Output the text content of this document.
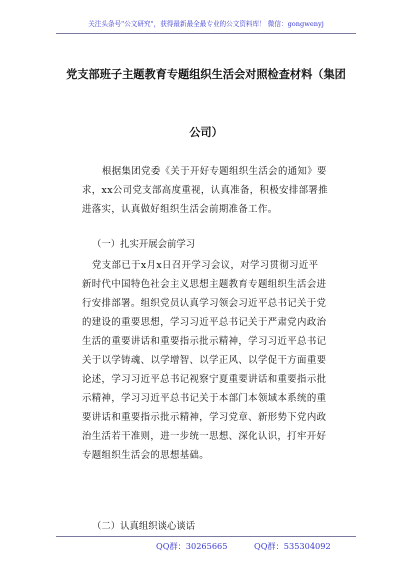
关注头条号"公文研究"，获得最新最全最专业的公文资料库！ 微信：gongwenyj
党支部班子主题教育专题组织生活会对照检查材料（集团
公司）
根据集团党委《关于开好专题组织生活会的通知》要
求，xx公司党支部高度重视，认真准备，积极安排部署推
进落实，认真做好组织生活会前期准备工作。
（一）扎实开展会前学习
党支部已于x月x日召开学习会议，对学习贯彻习近平
新时代中国特色社会主义思想主题教育专题组织生活会进
行安排部署。组织党员认真学习领会习近平总书记关于党
的建设的重要思想，学习习近平总书记关于严肃党内政治
生活的重要讲话和重要指示批示精神，学习习近平总书记
关于以学铸魂、以学增智、以学正风、以学促干方面重要
论述，学习习近平总书记视察宁夏重要讲话和重要指示批
示精神，学习习近平总书记关于本部门本领域本系统的重
要讲话和重要指示批示精神，学习党章、新形势下党内政
治生活若干准则，进一步统一思想、深化认识，打牢开好
专题组织生活会的思想基础。
（二）认真组织谈心谈话
QQ群：30265665	QQ群：535304092
